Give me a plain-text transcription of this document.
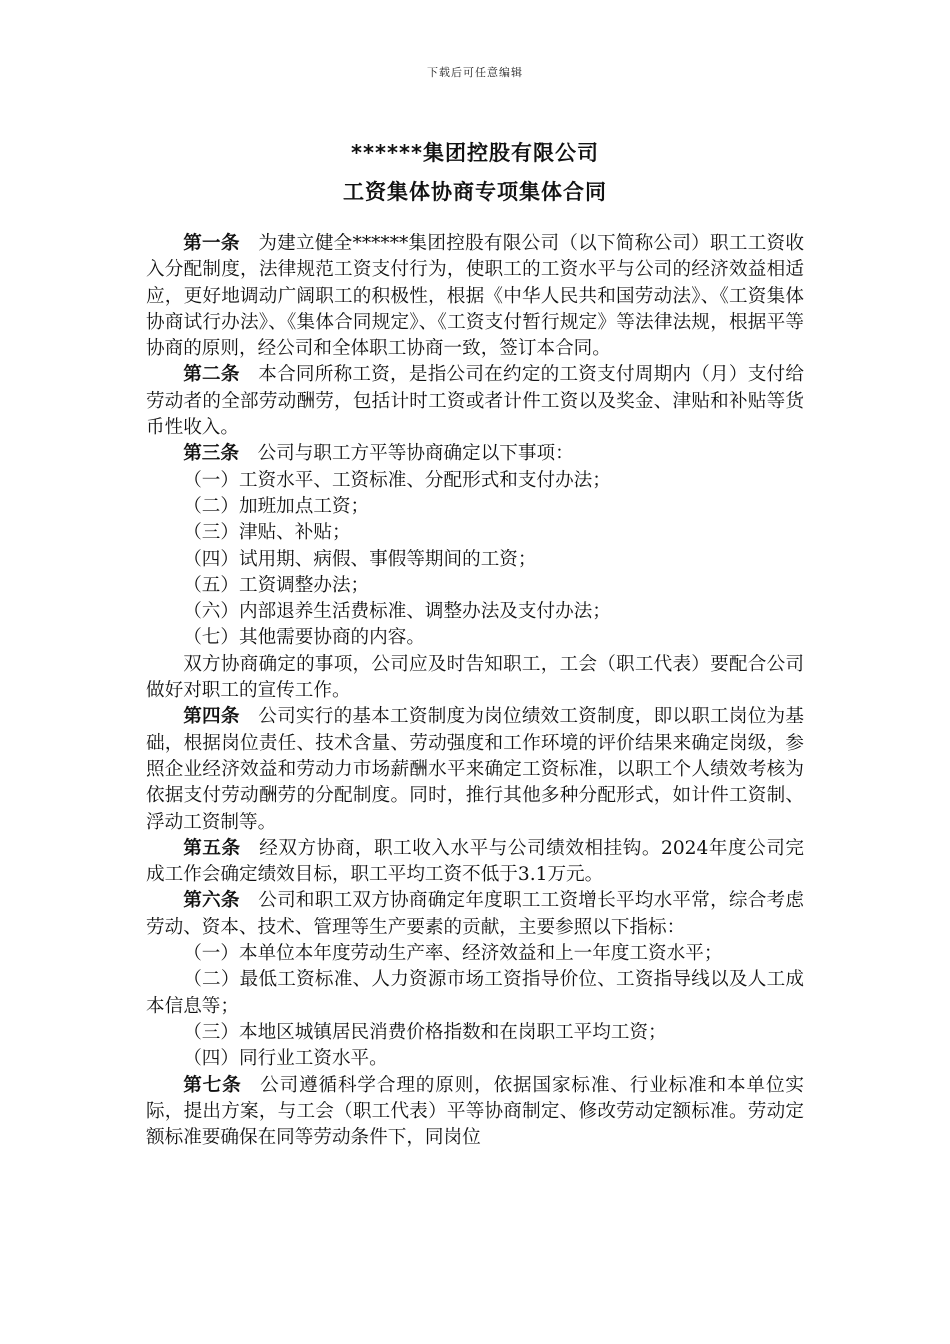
下载后可任意编辑
******集团控股有限公司
工资集体协商专项集体合同

第一条 为建立健全******集团控股有限公司（以下简称公司）职工工资收入分配制度，法律规范工资支付行为，使职工的工资水平与公司的经济效益相适应，更好地调动广阔职工的积极性，根据《中华人民共和国劳动法》、《工资集体协商试行办法》、《集体合同规定》、《工资支付暂行规定》等法律法规，根据平等协商的原则，经公司和全体职工协商一致，签订本合同。

第二条 本合同所称工资，是指公司在约定的工资支付周期内（月）支付给劳动者的全部劳动酬劳，包括计时工资或者计件工资以及奖金、津贴和补贴等货币性收入。

第三条 公司与职工方平等协商确定以下事项：

（一）工资水平、工资标准、分配形式和支付办法；

（二）加班加点工资；

（三）津贴、补贴；

（四）试用期、病假、事假等期间的工资；

（五）工资调整办法；

（六）内部退养生活费标准、调整办法及支付办法；

（七）其他需要协商的内容。

双方协商确定的事项，公司应及时告知职工，工会（职工代表）要配合公司做好对职工的宣传工作。

第四条 公司实行的基本工资制度为岗位绩效工资制度，即以职工岗位为基础，根据岗位责任、技术含量、劳动强度和工作环境的评价结果来确定岗级，参照企业经济效益和劳动力市场薪酬水平来确定工资标准，以职工个人绩效考核为依据支付劳动酬劳的分配制度。同时，推行其他多种分配形式，如计件工资制、浮动工资制等。

第五条 经双方协商，职工收入水平与公司绩效相挂钩。2024年度公司完成工作会确定绩效目标，职工平均工资不低于3.1万元。

第六条 公司和职工双方协商确定年度职工工资增长平均水平常，综合考虑劳动、资本、技术、管理等生产要素的贡献，主要参照以下指标：

（一）本单位本年度劳动生产率、经济效益和上一年度工资水平；

（二）最低工资标准、人力资源市场工资指导价位、工资指导线以及人工成本信息等；

（三）本地区城镇居民消费价格指数和在岗职工平均工资；

（四）同行业工资水平。

第七条 公司遵循科学合理的原则，依据国家标准、行业标准和本单位实际，提出方案，与工会（职工代表）平等协商制定、修改劳动定额标准。劳动定额标准要确保在同等劳动条件下，同岗位
